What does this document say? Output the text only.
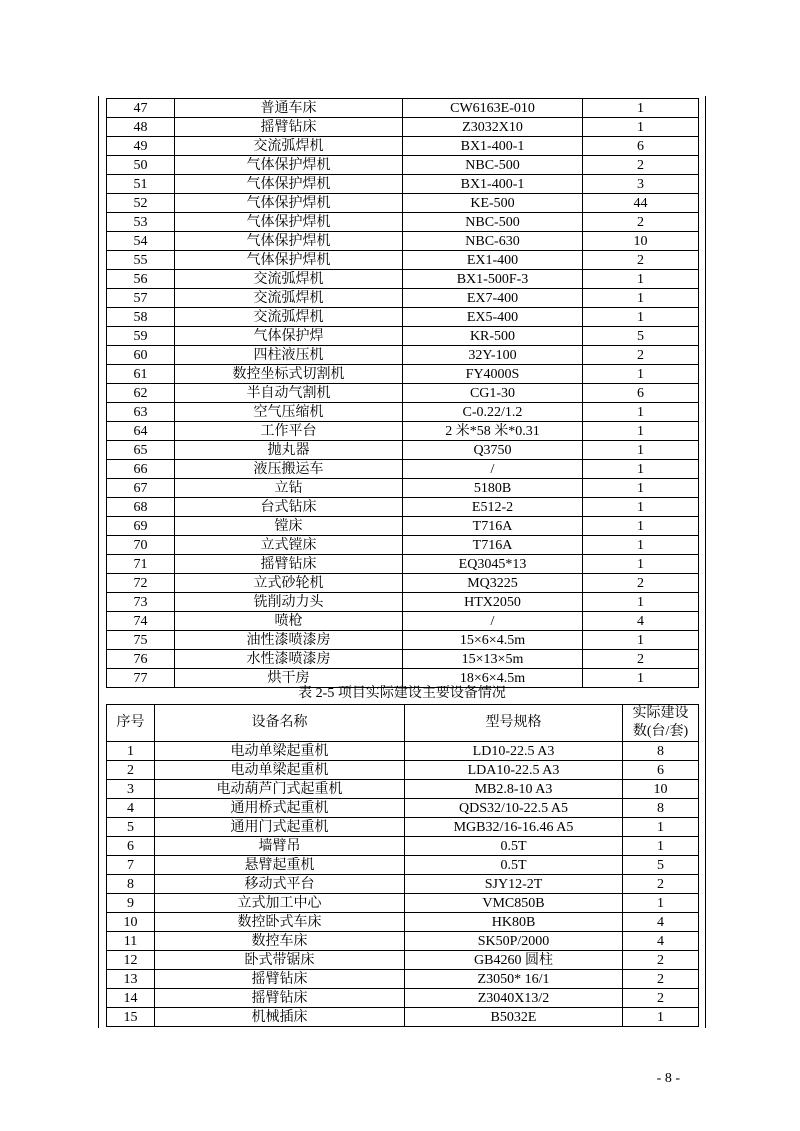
47	普通车床	CW6163E-010	1
48	摇臂钻床	Z3032X10	1
49	交流弧焊机	BX1-400-1	6
50	气体保护焊机	NBC-500	2
51	气体保护焊机	BX1-400-1	3
52	气体保护焊机	KE-500	44
53	气体保护焊机	NBC-500	2
54	气体保护焊机	NBC-630	10
55	气体保护焊机	EX1-400	2
56	交流弧焊机	BX1-500F-3	1
57	交流弧焊机	EX7-400	1
58	交流弧焊机	EX5-400	1
59	气体保护焊	KR-500	5
60	四柱液压机	32Y-100	2
61	数控坐标式切割机	FY4000S	1
62	半自动气割机	CG1-30	6
63	空气压缩机	C-0.22/1.2	1
64	工作平台	2 米*58 米*0.31	1
65	抛丸器	Q3750	1
66	液压搬运车	/	1
67	立钻	5180B	1
68	台式钻床	E512-2	1
69	镗床	T716A	1
70	立式镗床	T716A	1
71	摇臂钻床	EQ3045*13	1
72	立式砂轮机	MQ3225	2
73	铣削动力头	HTX2050	1
74	喷枪	/	4
75	油性漆喷漆房	15×6×4.5m	1
76	水性漆喷漆房	15×13×5m	2
77	烘干房	18×6×4.5m	1
表 2-5 项目实际建设主要设备情况
序号	设备名称	型号规格	实际建设
数(台/套)
1	电动单梁起重机	LD10-22.5 A3	8
2	电动单梁起重机	LDA10-22.5 A3	6
3	电动葫芦门式起重机	MB2.8-10 A3	10
4	通用桥式起重机	QDS32/10-22.5 A5	8
5	通用门式起重机	MGB32/16-16.46 A5	1
6	墙臂吊	0.5T	1
7	悬臂起重机	0.5T	5
8	移动式平台	SJY12-2T	2
9	立式加工中心	VMC850B	1
10	数控卧式车床	HK80B	4
11	数控车床	SK50P/2000	4
12	卧式带锯床	GB4260 圆柱	2
13	摇臂钻床	Z3050* 16/1	2
14	摇臂钻床	Z3040X13/2	2
15	机械插床	B5032E	1
- 8 -
